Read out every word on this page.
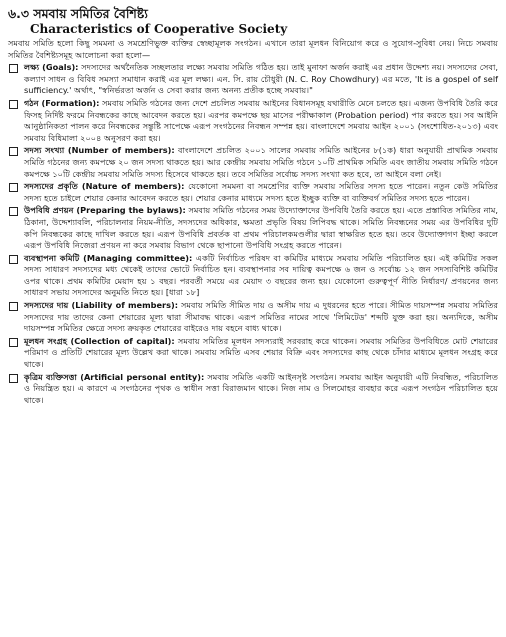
৬.৩ সমবায় সমিতির বৈশিষ্ট্য
Characteristics of Cooperative Society
সমবায় সমিতি হলো কিছু সমমনা ও সমশ্রেণিভুক্ত ব্যক্তির স্বেচ্ছামূলক সংগঠন। এখানে তারা মূলধন বিনিয়োগ করে ও সুযোগ-সুবিধা নেয়। নিচে সমবায় সমিতির বৈশিষ্ট্যসমূহ আলোচনা করা হলো—
লক্ষ্য (Goals): সদস্যদের অর্থনৈতিক সচ্ছলতার লক্ষ্যে সমবায় সমিতি গঠিত হয়। তাই মুনাফা অর্জন করাই এর প্রধান উদ্দেশ্য নয়। সদস্যদের সেবা, কল্যাণ সাধন ও বিবিধ সমস্যা সমাধান করাই এর মূল লক্ষ্য। এন. সি. রায় চৌধুরী (N. C. Roy Chowdhury) এর মতে, 'It is a gospel of self sufficiency.' অর্থাৎ, "স্বনির্ভরতা অর্জন ও সেবা করার জন্য অনন্য প্রতীক হচ্ছে সমবায়।"
গঠন (Formation): সমবায় সমিতি গঠনের জন্য দেশে প্রচলিত সমবায় আইনের বিধানসমূহ যথারীতি মেনে চলতে হয়। এজন্য উপবিধি তৈরি করে ফিসহ নির্দিষ্ট ফরমে নিবন্ধকের কাছে আবেদন করতে হয়। এরপর কমপক্ষে ছয় মাসের পরীক্ষাকাল (Probation period) পার করতে হয়। সব আইনি আনুষ্ঠানিকতা পালন করে নিবন্ধকের সন্তুষ্টি সাপেক্ষে এরূপ সংগঠনের নিবন্ধন সম্পন্ন হয়। বাংলাদেশে সমবায় আইন ২০০১ (সংশোধিত-২০১৩) এবং সমবায় বিধিমালা ২০০৪ অনুসরণ করা হয়।
সদস্য সংখ্যা (Number of members): বাংলাদেশে প্রচলিত ২০০১ সালের সমবায় সমিতি আইনের ৮(১ক) ধারা অনুযায়ী প্রাথমিক সমবায় সমিতি গঠনের জন্য কমপক্ষে ২০ জন সদস্য থাকতে হয়। আর কেন্দ্রীয় সমবায় সমিতি গঠনে ১০টি প্রাথমিক সমিতি এবং জাতীয় সমবায় সমিতি গঠনে কমপক্ষে ১০টি কেন্দ্রীয় সমবায় সমিতি সদস্য হিসেবে থাকতে হয়। তবে সমিতির সর্বোচ্চ সদস্য সংখ্যা কত হবে, তা আইনে বলা নেই।
সদস্যদের প্রকৃতি (Nature of members): যেকোনো সমমনা বা সমশ্রেণির ব্যক্তি সমবায় সমিতির সদস্য হতে পারেন। নতুন কেউ সমিতির সদস্য হতে চাইলে শেয়ার কেনার আবেদন করতে হয়। শেয়ার কেনার মাধ্যমে সদস্য হতে ইচ্ছুক ব্যক্তি বা ব্যক্তিবর্গ সমিতির সদস্য হতে পারেন।
উপবিধি প্রণয়ন (Preparing the bylaws): সমবায় সমিতি গঠনের সময় উদ্যোক্তাদের উপবিধি তৈরি করতে হয়। এতে প্রস্তাবিত সমিতির নাম, ঠিকানা, উদ্দেশ্যাবলি, পরিচালনার নিয়ম-নীতি, সদস্যদের অধিকার, ক্ষমতা প্রভৃতি বিষয় লিপিবদ্ধ থাকে। সমিতি নিবন্ধনের সময় এর উপবিধির দুটি কপি নিবন্ধকের কাছে দাখিল করতে হয়। এরূপ উপবিধি প্রবর্তক বা প্রথম পরিচালকমণ্ডলীর দ্বারা স্বাক্ষরিত হতে হয়। তবে উদ্যোক্তাগণ ইচ্ছা করলে এরূপ উপবিধি নিজেরা প্রণয়ন না করে সমবায় বিভাগ থেকে ছাপানো উপবিধি সংগ্রহ করতে পারেন।
ব্যবস্থাপনা কমিটি (Managing committee): একটি নির্বাচিত পরিষদ বা কমিটির মাধ্যমে সমবায় সমিতি পরিচালিত হয়। এই কমিটির সকল সদস্য সাধারণ সদস্যদের মধ্য থেকেই তাদের ভোটে নির্বাচিত হন। ব্যবস্থাপনার সব দায়িত্ব কমপক্ষে ৬ জন ও সর্বোচ্চ ১২ জন সদস্যবিশিষ্ট কমিটির ওপর থাকে। প্রথম কমিটির মেয়াদ হয় ১ বছর। পরবর্তী সময়ে এর মেয়াদ ৩ বছরের জন্য হয়। যেকোনো গুরুত্বপূর্ণ নীতি নির্ধারণ/ প্রণয়নের জন্য সাধারণ সভায় সদস্যদের অনুমতি নিতে হয়। [ধারা ১৮]
সদস্যদের দায় (Liability of members): সমবায় সমিতি সীমিত দায় ও অসীম দায় এ দুধরনের হতে পারে। সীমিত দায়সম্পন্ন সমবায় সমিতির সদস্যদের দায় তাদের কেনা শেয়ারের মূল্য দ্বারা সীমাবদ্ধ থাকে। এরূপ সমিতির নামের সাথে 'লিমিটেড' শব্দটি যুক্ত করা হয়। অন্যদিকে, অসীম দায়সম্পন্ন সমিতির ক্ষেত্রে সদস্য ক্রয়কৃত শেয়ারের বাইরেও দায় বহনে বাধ্য থাকে।
মূলধন সংগ্রহ (Collection of capital): সমবায় সমিতির মূলধন সদস্যরাই সরবরাহ করে থাকেন। সমবায় সমিতির উপবিধিতে মোট শেয়ারের পরিমাণ ও প্রতিটি শেয়ারের মূল্য উল্লেখ করা থাকে। সমবায় সমিতি এসব শেয়ার বিক্রি এবং সদস্যদের কাছ থেকে চাঁদার মাধ্যমে মূলধন সংগ্রহ করে থাকে।
কৃত্রিম ব্যক্তিসত্তা (Artificial personal entity): সমবায় সমিতি একটি আইনসৃষ্ট সংগঠন। সমবায় আইন অনুযায়ী এটি নিবন্ধিত, পরিচালিত ও নিয়ন্ত্রিত হয়। এ কারণে এ সংগঠনের পৃথক ও স্বাধীন সত্তা বিরাজমান থাকে। নিজ নাম ও সিলমোহর ব্যবহার করে এরূপ সংগঠন পরিচালিত হয়ে থাকে।
